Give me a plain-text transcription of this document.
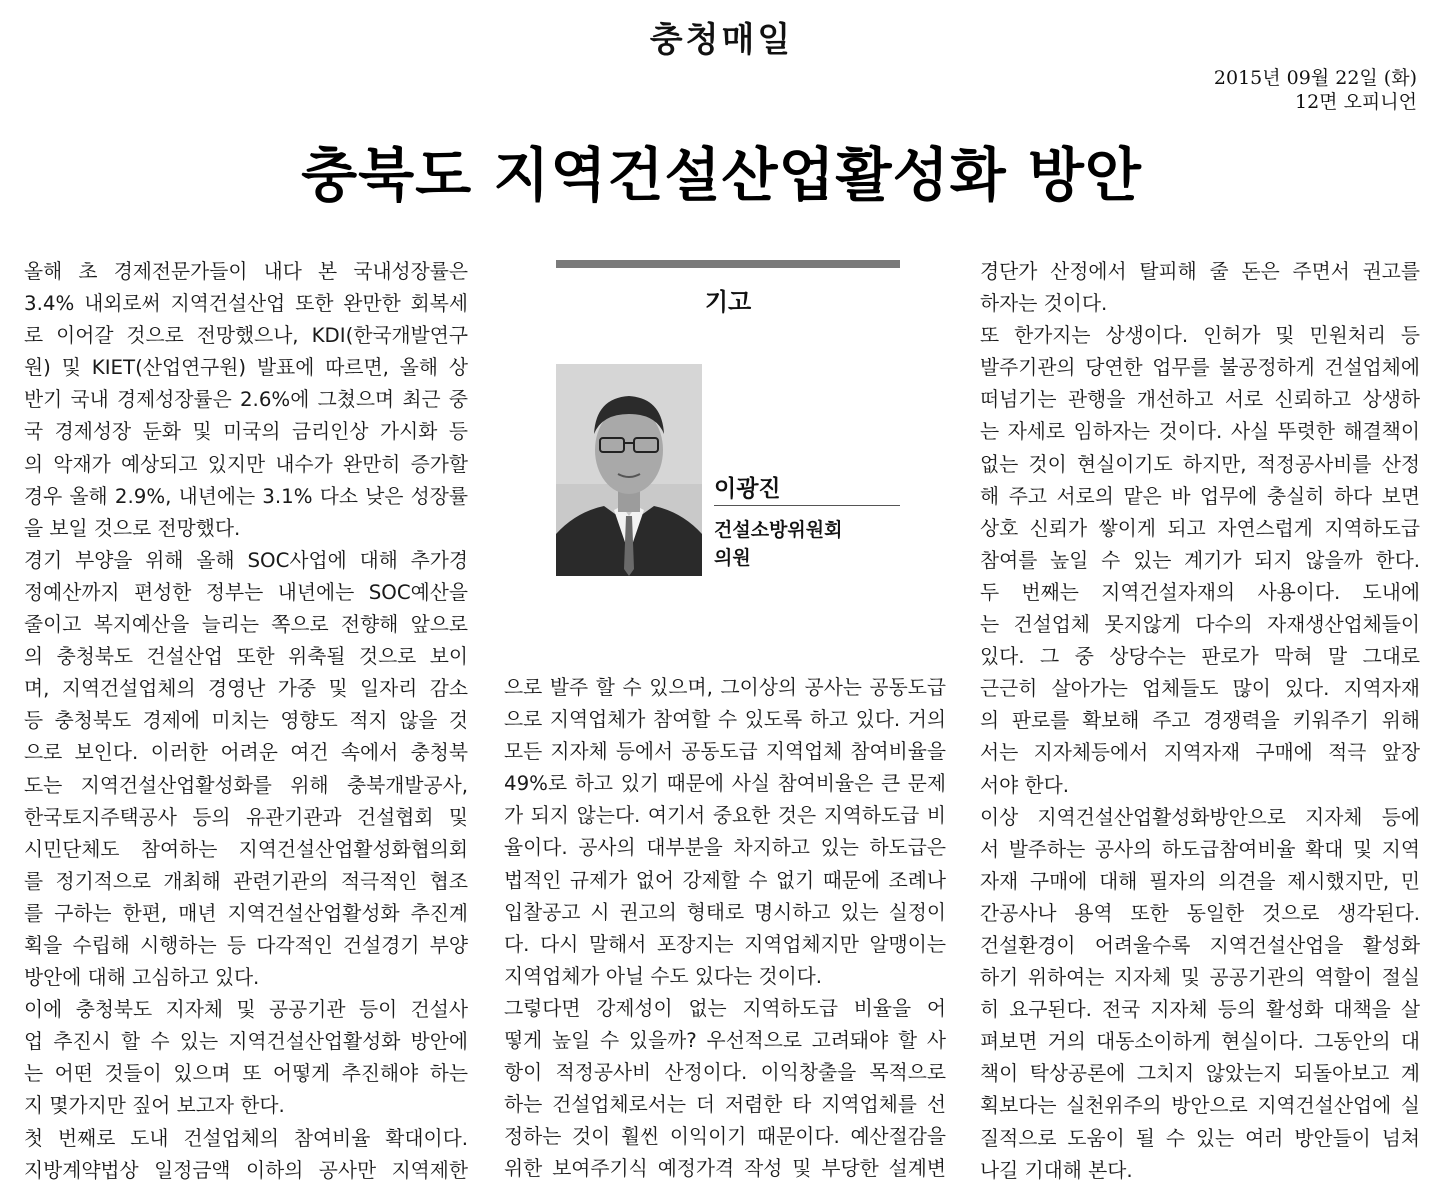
충청매일
2015년 09월 22일 (화)
12면 오피니언
충북도 지역건설산업활성화 방안
기고
이광진
건설소방위원회
의원
올해 초 경제전문가들이 내다 본 국내성장률은
3.4% 내외로써 지역건설산업 또한 완만한 회복세
로 이어갈 것으로 전망했으나, KDI(한국개발연구
원) 및 KIET(산업연구원) 발표에 따르면, 올해 상
반기 국내 경제성장률은 2.6%에 그쳤으며 최근 중
국 경제성장 둔화 및 미국의 금리인상 가시화 등
의 악재가 예상되고 있지만 내수가 완만히 증가할
경우 올해 2.9%, 내년에는 3.1% 다소 낮은 성장률
을 보일 것으로 전망했다.
경기 부양을 위해 올해 SOC사업에 대해 추가경
정예산까지 편성한 정부는 내년에는 SOC예산을
줄이고 복지예산을 늘리는 쪽으로 전향해 앞으로
의 충청북도 건설산업 또한 위축될 것으로 보이
며, 지역건설업체의 경영난 가중 및 일자리 감소
등 충청북도 경제에 미치는 영향도 적지 않을 것
으로 보인다. 이러한 어려운 여건 속에서 충청북
도는 지역건설산업활성화를 위해 충북개발공사,
한국토지주택공사 등의 유관기관과 건설협회 및
시민단체도 참여하는 지역건설산업활성화협의회
를 정기적으로 개최해 관련기관의 적극적인 협조
를 구하는 한편, 매년 지역건설산업활성화 추진계
획을 수립해 시행하는 등 다각적인 건설경기 부양
방안에 대해 고심하고 있다.
이에 충청북도 지자체 및 공공기관 등이 건설사
업 추진시 할 수 있는 지역건설산업활성화 방안에
는 어떤 것들이 있으며 또 어떻게 추진해야 하는
지 몇가지만 짚어 보고자 한다.
첫 번째로 도내 건설업체의 참여비율 확대이다.
지방계약법상 일정금액 이하의 공사만 지역제한
으로 발주 할 수 있으며, 그이상의 공사는 공동도급
으로 지역업체가 참여할 수 있도록 하고 있다. 거의
모든 지자체 등에서 공동도급 지역업체 참여비율을
49%로 하고 있기 때문에 사실 참여비율은 큰 문제
가 되지 않는다. 여기서 중요한 것은 지역하도급 비
율이다. 공사의 대부분을 차지하고 있는 하도급은
법적인 규제가 없어 강제할 수 없기 때문에 조례나
입찰공고 시 권고의 형태로 명시하고 있는 실정이
다. 다시 말해서 포장지는 지역업체지만 알맹이는
지역업체가 아닐 수도 있다는 것이다.
그렇다면 강제성이 없는 지역하도급 비율을 어
떻게 높일 수 있을까? 우선적으로 고려돼야 할 사
항이 적정공사비 산정이다. 이익창출을 목적으로
하는 건설업체로서는 더 저렴한 타 지역업체를 선
정하는 것이 훨씬 이익이기 때문이다. 예산절감을
위한 보여주기식 예정가격 작성 및 부당한 설계변
경단가 산정에서 탈피해 줄 돈은 주면서 권고를
하자는 것이다.
또 한가지는 상생이다. 인허가 및 민원처리 등
발주기관의 당연한 업무를 불공정하게 건설업체에
떠넘기는 관행을 개선하고 서로 신뢰하고 상생하
는 자세로 임하자는 것이다. 사실 뚜렷한 해결책이
없는 것이 현실이기도 하지만, 적정공사비를 산정
해 주고 서로의 맡은 바 업무에 충실히 하다 보면
상호 신뢰가 쌓이게 되고 자연스럽게 지역하도급
참여를 높일 수 있는 계기가 되지 않을까 한다.
두 번째는 지역건설자재의 사용이다. 도내에
는 건설업체 못지않게 다수의 자재생산업체들이
있다. 그 중 상당수는 판로가 막혀 말 그대로
근근히 살아가는 업체들도 많이 있다. 지역자재
의 판로를 확보해 주고 경쟁력을 키워주기 위해
서는 지자체등에서 지역자재 구매에 적극 앞장
서야 한다.
이상 지역건설산업활성화방안으로 지자체 등에
서 발주하는 공사의 하도급참여비율 확대 및 지역
자재 구매에 대해 필자의 의견을 제시했지만, 민
간공사나 용역 또한 동일한 것으로 생각된다.
건설환경이 어려울수록 지역건설산업을 활성화
하기 위하여는 지자체 및 공공기관의 역할이 절실
히 요구된다. 전국 지자체 등의 활성화 대책을 살
펴보면 거의 대동소이하게 현실이다. 그동안의 대
책이 탁상공론에 그치지 않았는지 되돌아보고 계
획보다는 실천위주의 방안으로 지역건설산업에 실
질적으로 도움이 될 수 있는 여러 방안들이 넘쳐
나길 기대해 본다.
